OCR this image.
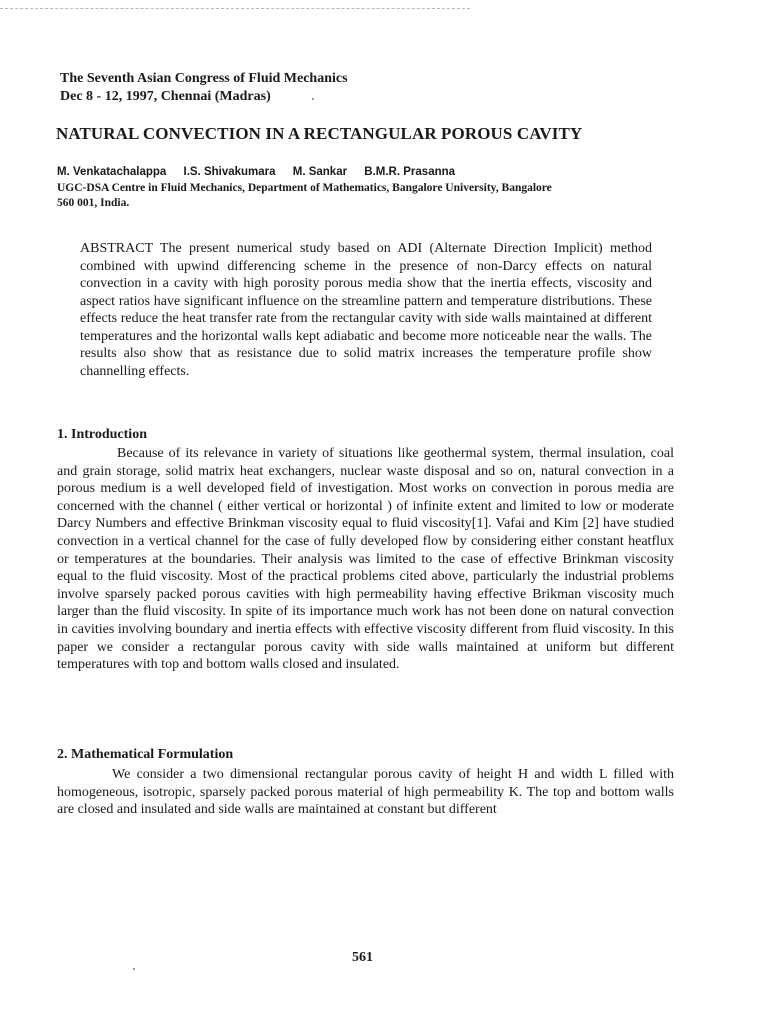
The Seventh Asian Congress of Fluid Mechanics
Dec 8 - 12, 1997, Chennai (Madras)
NATURAL CONVECTION IN A RECTANGULAR POROUS CAVITY
M. Venkatachalappa I.S. Shivakumara M. Sankar B.M.R. Prasanna
UGC-DSA Centre in Fluid Mechanics, Department of Mathematics, Bangalore University, Bangalore
560 001, India.
ABSTRACT The present numerical study based on ADI (Alternate Direction Implicit) method combined with upwind differencing scheme in the presence of non-Darcy effects on natural convection in a cavity with high porosity porous media show that the inertia effects, viscosity and aspect ratios have significant influence on the streamline pattern and temperature distributions. These effects reduce the heat transfer rate from the rectangular cavity with side walls maintained at different temperatures and the horizontal walls kept adiabatic and become more noticeable near the walls. The results also show that as resistance due to solid matrix increases the temperature profile show channelling effects.
1. Introduction
Because of its relevance in variety of situations like geothermal system, thermal insulation, coal and grain storage, solid matrix heat exchangers, nuclear waste disposal and so on, natural convection in a porous medium is a well developed field of investigation. Most works on convection in porous media are concerned with the channel ( either vertical or horizontal ) of infinite extent and limited to low or moderate Darcy Numbers and effective Brinkman viscosity equal to fluid viscosity[1]. Vafai and Kim [2] have studied convection in a vertical channel for the case of fully developed flow by considering either constant heatflux or temperatures at the boundaries. Their analysis was limited to the case of effective Brinkman viscosity equal to the fluid viscosity. Most of the practical problems cited above, particularly the industrial problems involve sparsely packed porous cavities with high permeability having effective Brikman viscosity much larger than the fluid viscosity. In spite of its importance much work has not been done on natural convection in cavities involving boundary and inertia effects with effective viscosity different from fluid viscosity. In this paper we consider a rectangular porous cavity with side walls maintained at uniform but different temperatures with top and bottom walls closed and insulated.
2. Mathematical Formulation
We consider a two dimensional rectangular porous cavity of height H and width L filled with homogeneous, isotropic, sparsely packed porous material of high permeability K. The top and bottom walls are closed and insulated and side walls are maintained at constant but different
561
